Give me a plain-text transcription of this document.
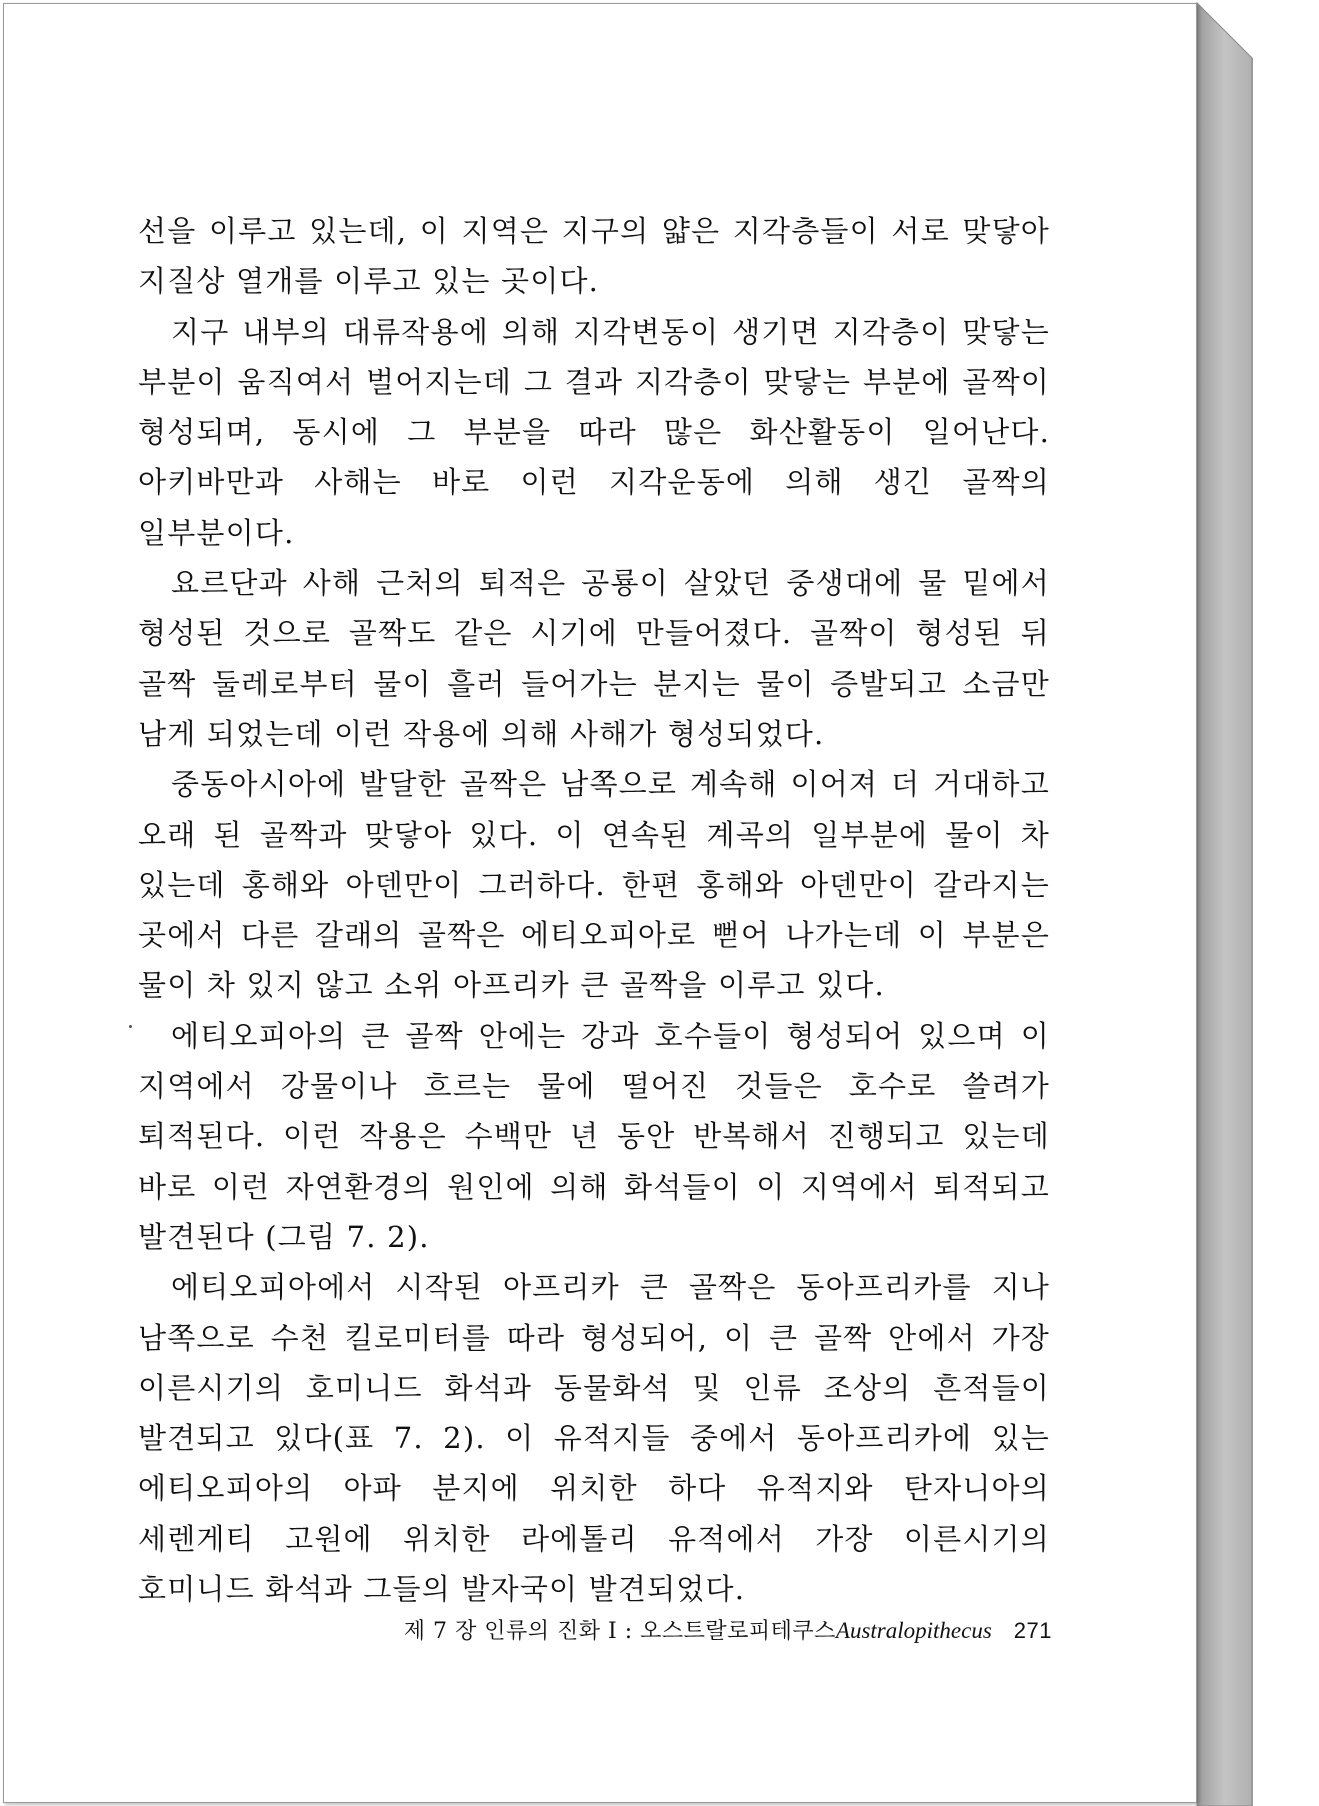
선을 이루고 있는데, 이 지역은 지구의 얇은 지각층들이 서로 맞닿아 지질상 열개를 이루고 있는 곳이다.

지구 내부의 대류작용에 의해 지각변동이 생기면 지각층이 맞닿는 부분이 움직여서 벌어지는데 그 결과 지각층이 맞닿는 부분에 골짝이 형성되며, 동시에 그 부분을 따라 많은 화산활동이 일어난다. 아키바만과 사해는 바로 이런 지각운동에 의해 생긴 골짝의 일부분이다.

요르단과 사해 근처의 퇴적은 공룡이 살았던 중생대에 물 밑에서 형성된 것으로 골짝도 같은 시기에 만들어졌다. 골짝이 형성된 뒤 골짝 둘레로부터 물이 흘러 들어가는 분지는 물이 증발되고 소금만 남게 되었는데 이런 작용에 의해 사해가 형성되었다.

중동아시아에 발달한 골짝은 남쪽으로 계속해 이어져 더 거대하고 오래 된 골짝과 맞닿아 있다. 이 연속된 계곡의 일부분에 물이 차 있는데 홍해와 아덴만이 그러하다. 한편 홍해와 아덴만이 갈라지는 곳에서 다른 갈래의 골짝은 에티오피아로 뻗어 나가는데 이 부분은 물이 차 있지 않고 소위 아프리카 큰 골짝을 이루고 있다.

에티오피아의 큰 골짝 안에는 강과 호수들이 형성되어 있으며 이 지역에서 강물이나 흐르는 물에 떨어진 것들은 호수로 쓸려가 퇴적된다. 이런 작용은 수백만 년 동안 반복해서 진행되고 있는데 바로 이런 자연환경의 원인에 의해 화석들이 이 지역에서 퇴적되고 발견된다 (그림 7. 2).

에티오피아에서 시작된 아프리카 큰 골짝은 동아프리카를 지나 남쪽으로 수천 킬로미터를 따라 형성되어, 이 큰 골짝 안에서 가장 이른시기의 호미니드 화석과 동물화석 및 인류 조상의 흔적들이 발견되고 있다(표 7. 2). 이 유적지들 중에서 동아프리카에 있는 에티오피아의 아파 분지에 위치한 하다 유적지와 탄자니아의 세렌게티 고원에 위치한 라에톨리 유적에서 가장 이른시기의 호미니드 화석과 그들의 발자국이 발견되었다.

제 7 장 인류의 진화 Ⅰ : 오스트랄로피테쿠스Australopithecus 271
